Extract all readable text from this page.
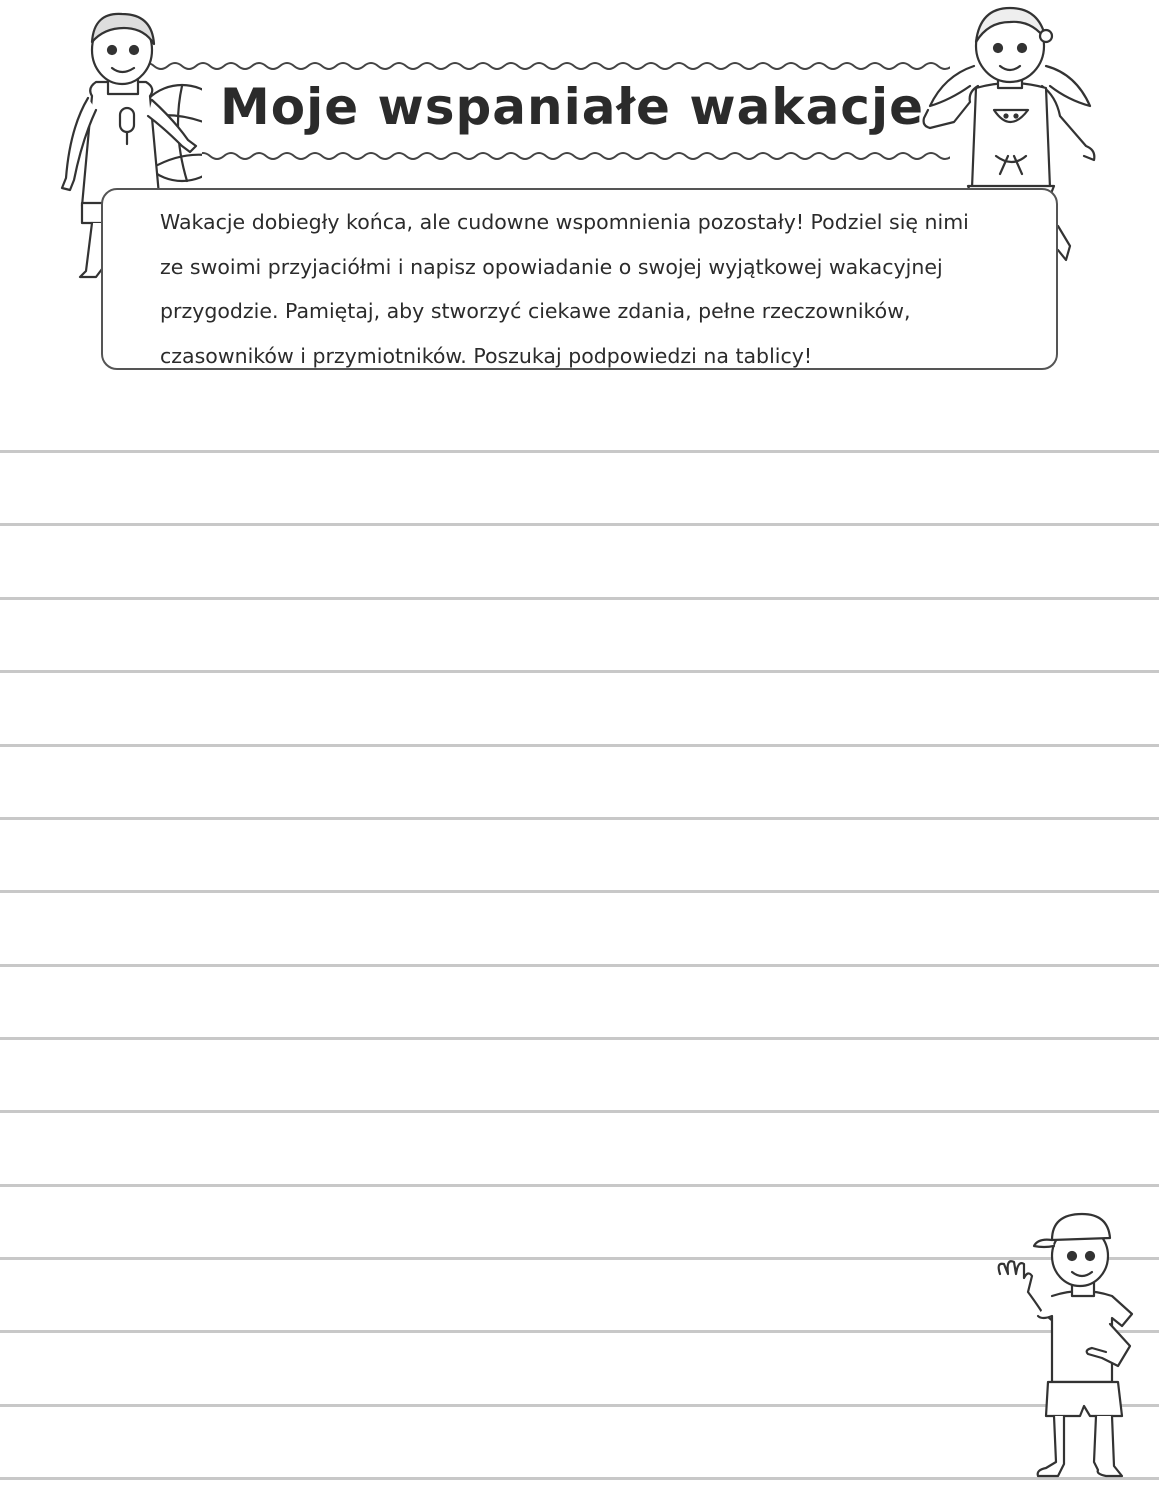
Moje wspaniałe wakacje

Wakacje dobiegły końca, ale cudowne wspomnienia pozostały! Podziel się nimi

ze swoimi przyjaciółmi i napisz opowiadanie o swojej wyjątkowej wakacyjnej

przygodzie. Pamiętaj, aby stworzyć ciekawe zdania, pełne rzeczowników,

czasowników i przymiotników. Poszukaj podpowiedzi na tablicy!
